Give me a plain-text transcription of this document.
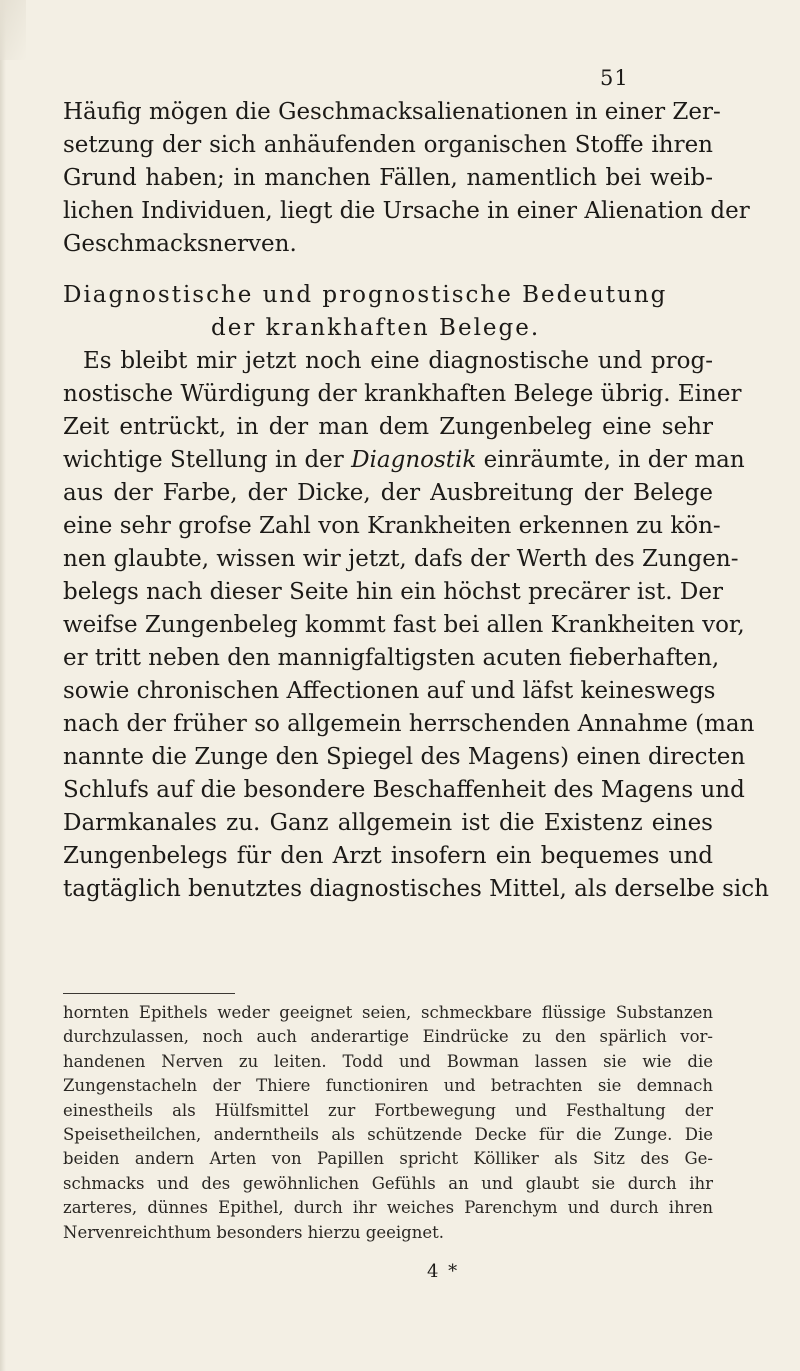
51
Häufig mögen die Geschmacksalienationen in einer Zer-
setzung der sich anhäufenden organischen Stoffe ihren
Grund haben; in manchen Fällen, namentlich bei weib-
lichen Individuen, liegt die Ursache in einer Alienation der
Geschmacksnerven.
Diagnostische und prognostische Bedeutung
der krankhaften Belege.
Es bleibt mir jetzt noch eine diagnostische und prog-
nostische Würdigung der krankhaften Belege übrig. Einer
Zeit entrückt, in der man dem Zungenbeleg eine sehr
wichtige Stellung in der Diagnostik einräumte, in der man
aus der Farbe, der Dicke, der Ausbreitung der Belege
eine sehr grofse Zahl von Krankheiten erkennen zu kön-
nen glaubte, wissen wir jetzt, dafs der Werth des Zungen-
belegs nach dieser Seite hin ein höchst precärer ist. Der
weifse Zungenbeleg kommt fast bei allen Krankheiten vor,
er tritt neben den mannigfaltigsten acuten fieberhaften,
sowie chronischen Affectionen auf und läfst keineswegs
nach der früher so allgemein herrschenden Annahme (man
nannte die Zunge den Spiegel des Magens) einen directen
Schlufs auf die besondere Beschaffenheit des Magens und
Darmkanales zu. Ganz allgemein ist die Existenz eines
Zungenbelegs für den Arzt insofern ein bequemes und
tagtäglich benutztes diagnostisches Mittel, als derselbe sich
hornten Epithels weder geeignet seien, schmeckbare flüssige Substanzen
durchzulassen, noch auch anderartige Eindrücke zu den spärlich vor-
handenen Nerven zu leiten. Todd und Bowman lassen sie wie die
Zungenstacheln der Thiere functioniren und betrachten sie demnach
einestheils als Hülfsmittel zur Fortbewegung und Festhaltung der
Speisetheilchen, anderntheils als schützende Decke für die Zunge. Die
beiden andern Arten von Papillen spricht Kölliker als Sitz des Ge-
schmacks und des gewöhnlichen Gefühls an und glaubt sie durch ihr
zarteres, dünnes Epithel, durch ihr weiches Parenchym und durch ihren
Nervenreichthum besonders hierzu geeignet.
4 *
